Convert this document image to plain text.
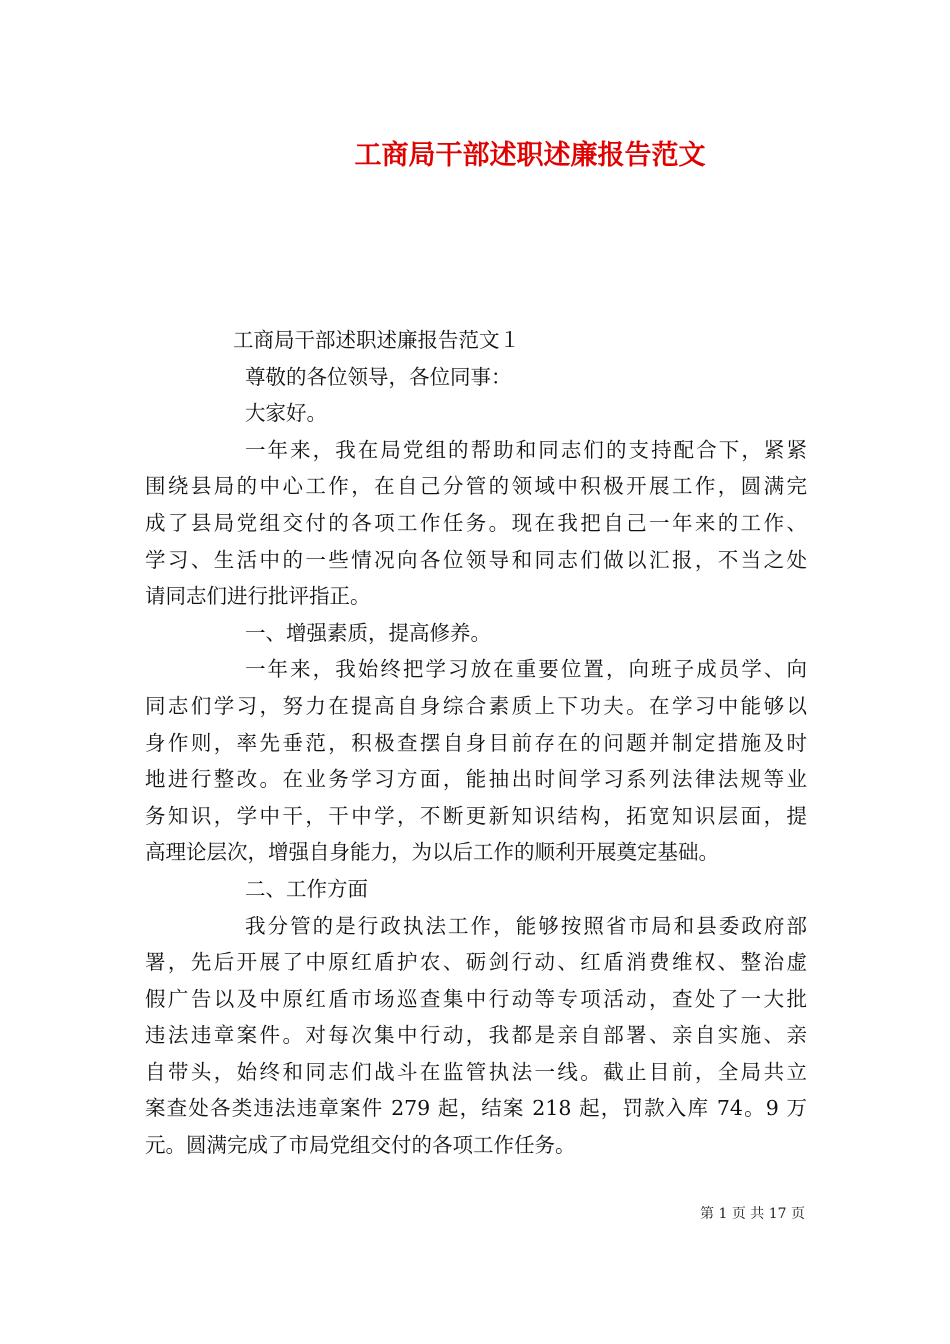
工商局干部述职述廉报告范文

工商局干部述职述廉报告范文１

尊敬的各位领导，各位同事：

大家好。

一年来，我在局党组的帮助和同志们的支持配合下，紧紧

围绕县局的中心工作，在自己分管的领域中积极开展工作，圆满完

成了县局党组交付的各项工作任务。现在我把自己一年来的工作、

学习、生活中的一些情况向各位领导和同志们做以汇报，不当之处

请同志们进行批评指正。

一、增强素质，提高修养。

一年来，我始终把学习放在重要位置，向班子成员学、向

同志们学习，努力在提高自身综合素质上下功夫。在学习中能够以

身作则，率先垂范，积极查摆自身目前存在的问题并制定措施及时

地进行整改。在业务学习方面，能抽出时间学习系列法律法规等业

务知识，学中干，干中学，不断更新知识结构，拓宽知识层面，提

高理论层次，增强自身能力，为以后工作的顺利开展奠定基础。

二、工作方面

我分管的是行政执法工作，能够按照省市局和县委政府部

署，先后开展了中原红盾护农、砺剑行动、红盾消费维权、整治虚

假广告以及中原红盾市场巡查集中行动等专项活动，查处了一大批

违法违章案件。对每次集中行动，我都是亲自部署、亲自实施、亲

自带头，始终和同志们战斗在监管执法一线。截止目前，全局共立

案查处各类违法违章案件 279 起，结案 218 起，罚款入库 74。9 万

元。圆满完成了市局党组交付的各项工作任务。

第 1 页 共 17 页
